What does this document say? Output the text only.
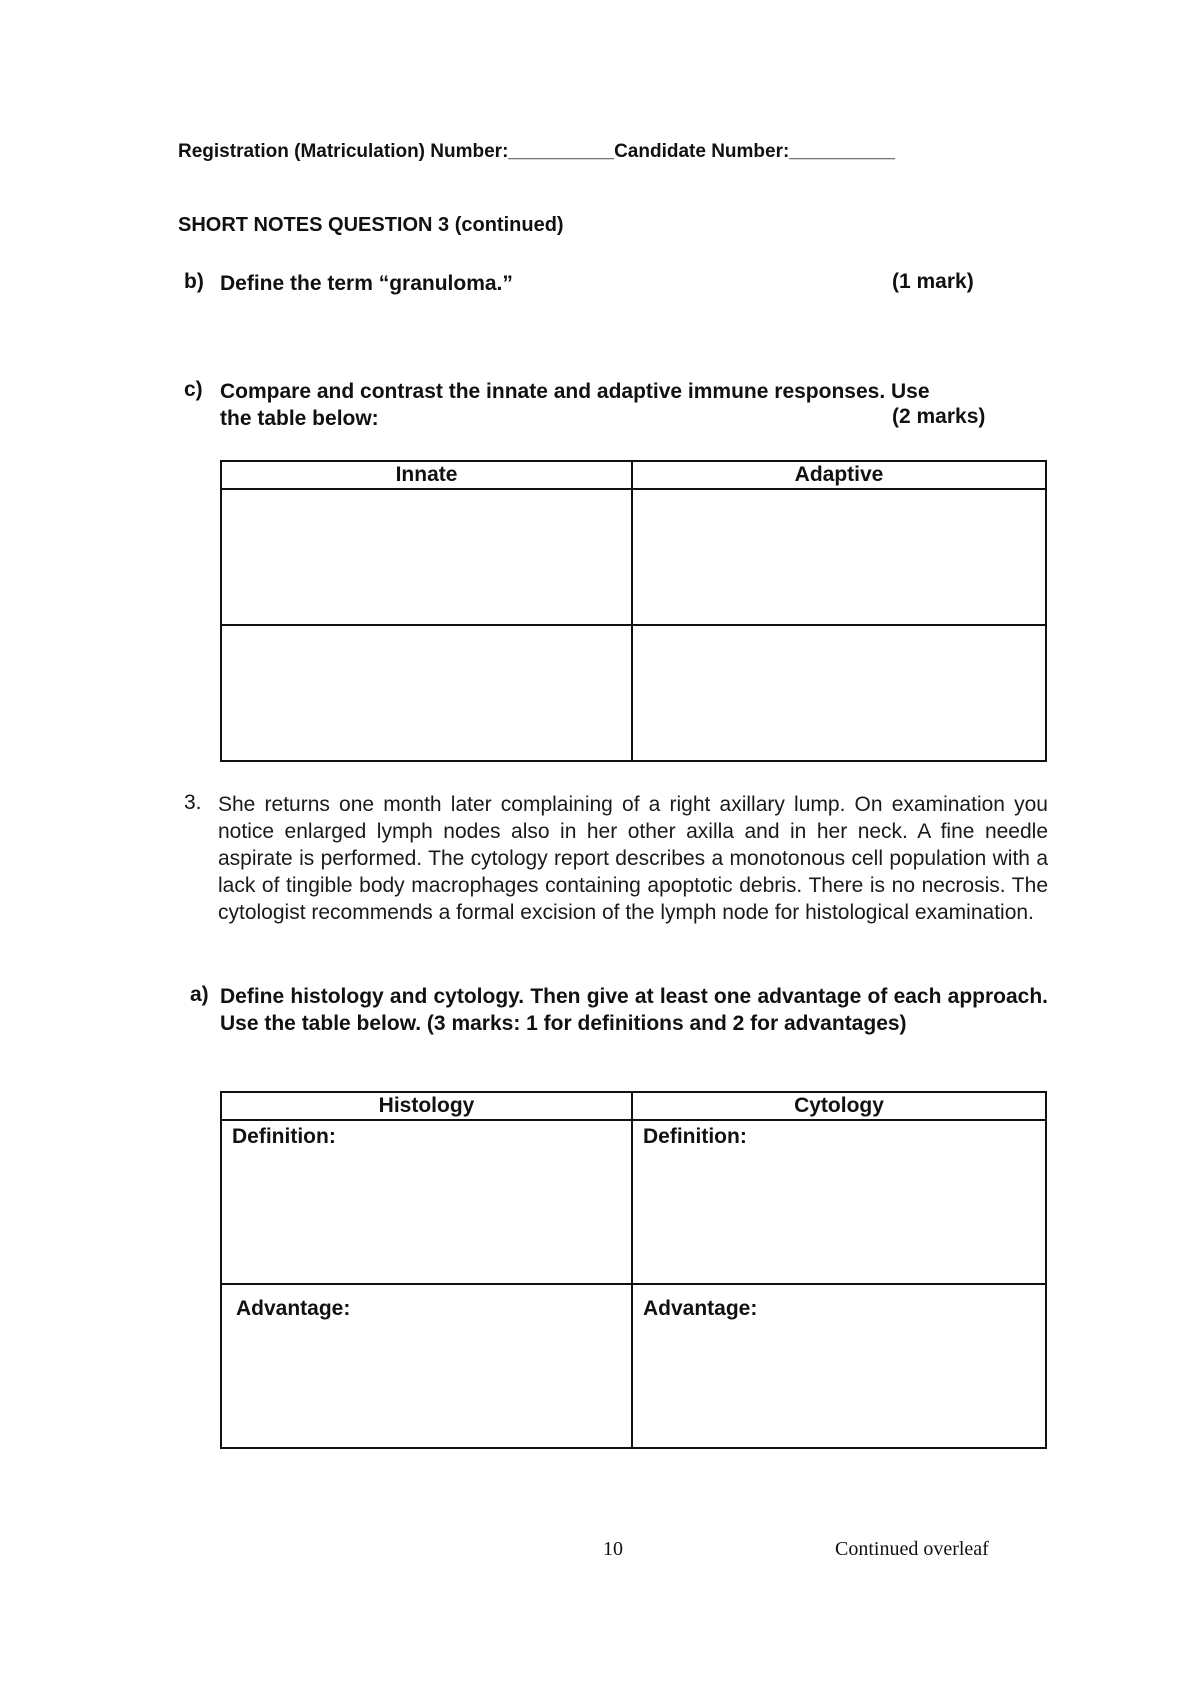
Registration (Matriculation) Number:__________Candidate Number:__________
SHORT NOTES QUESTION 3 (continued)
b) Define the term “granuloma.”	(1 mark)
c) Compare and contrast the innate and adaptive immune responses. Use
the table below:	(2 marks)
Innate	Adaptive

3. She returns one month later complaining of a right axillary lump. On examination you notice enlarged lymph nodes also in her other axilla and in her neck. A fine needle aspirate is performed. The cytology report describes a monotonous cell population with a lack of tingible body macrophages containing apoptotic debris. There is no necrosis. The cytologist recommends a formal excision of the lymph node for histological examination.
a) Define histology and cytology. Then give at least one advantage of each approach. Use the table below. (3 marks: 1 for definitions and 2 for advantages)
Histology	Cytology

Definition:	Definition:

Advantage:	Advantage:
10	Continued overleaf
